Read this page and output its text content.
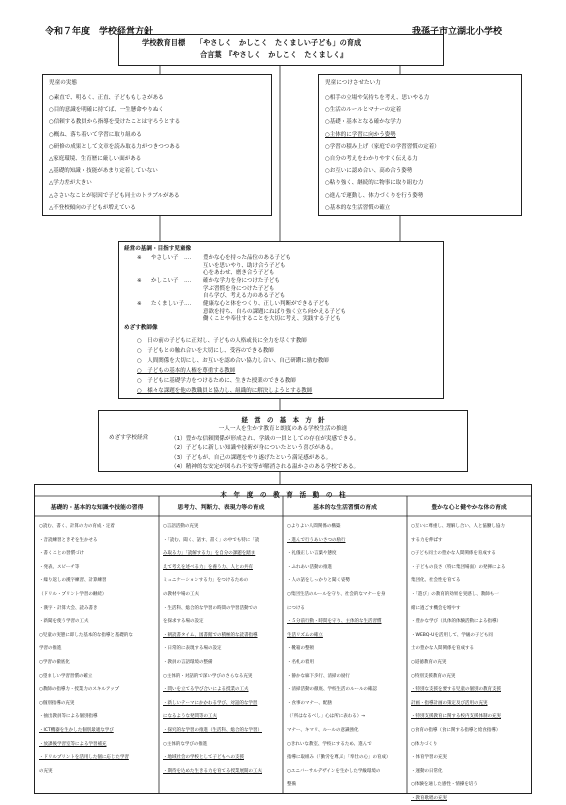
令和７年度　学校経営方針	我孫子市立湖北小学校
学校教育目標　　「やさしく　かしこく　たくましい子ども」の育成
合言葉　『やさしく　かしこく　たくましく』
児童の実態
○素直で、明るく、正直、子どももしさがある
○目的意識を明確に持てば、一生懸命やりぬく
○信頼する教員から指導を受けたことは守ろうとする
○概ね、落ち着いて学習に取り組める
○研修の成果として文章を読み取る力がつきつつある
△家庭環境、生育歴に厳しい面がある
△基礎的知識・技能があまり定着していない
△学力差が大きい
△ささいなことが原因で子ども同士のトラブルがある
△不登校傾向の子どもが増えている
児童につけさせたい力
○相手の立場や気持ちを考え、思いやる力
○生活のルールとマナーの定着
○基礎・基本となる確かな学力
○主体的に学習に向かう姿勢
○学習の積み上げ（家庭での学習習慣の定着）
○自分の考えをわかりやすく伝える力
○お互いに認め合い、高め合う姿勢
○粘り強く、継続的に物事に取り組む力
○進んで運動し、体力づくりを行う姿勢
○基本的な生活習慣の確立
経営の基調・目指す児童像
※ やさしい子　‥‥ 豊かな心を持った品位のある子ども
互いを思いやり、助け合う子ども
心をあわせ、磨き合う子ども
※ かしこい子　‥‥ 確かな学力を身につけた子ども
学ぶ習慣を身につけた子ども
自ら学び、考える力のある子ども
※ たくましい子‥‥ 健康な心と体をつくり、正しい判断ができる子ども
意欲を持ち、自らの課題にねばり強く立ち向かえる子ども
働くことや奉仕することを大切に考え、実践する子ども
めざす教師像
○　日の前の子どもに正対し、子どもの人格或長に全力を尽くす教師
○　子どもとの触れ合いを大切にし、受容のできる教師
○　人間関係を大切にし、お互いを認め合い協力し合い、自己研鑽に励む教師
○　子どもの基本的人権を尊重する教師
○　子どもに基礎学力をつけるために、生きた授業のできる教師
○　様々な課題を他の教職員と協力し、組織的に解決しようとする教師
経　営　の　基　本　方　針
一人一人を生かす教育と朗度のある学校生活の推進
めざす学校経営	（1）豊かな信頼関係が形成され、学級の一員としての存在が実感できる。
（2）子どもに新しい知識や技術が身についたという喜びがある。
（3）子どもが、自己の課題をやり遂げたという満足感がある。
（4）精神的な安定が図られ不安等が解消される温かさのある学校である。
本　年　度　の　教　育　活　動　の　柱
基礎的・基本的な知識や技能の習得
○読む、書く、計算の力の育成・定着
・音読練習ときそを生かせる
・書くことの習慣づけ
・発表、スピーチ等
・繰り返しの漢字練習、計算練習
（ドリル・プリント学習の継続）
・漢字・計算大会、読み書き
・新聞を使う学習の工夫
○児童の実態に即した基本的な指導と基礎的な
学習の推進
○学習の徹底化
○望ましい学習習慣の確立
○教師の指導力・授業力のスキルアップ
○個別指導の充実
・抽出教員等による個別指導
・ICT機器を生かした個別最適な学び
・放課後学習室等による学習補充
・ドリルプリントを活用した個に応じた学習
の充実
思考力、判断力、表現力等の育成
○言語活動の充実
・「読む、聞く、話す、書く」の中でも特に「読
み取る力」「読解する力」を自分の課題を踏ま
えて考えを述べる力」を養う力、人との共有
ミュニケーションする力」をつけるための
の教材や場の工夫
・生活科、総合的な学習の時間の学習活動での
を探求する場の設定
・朝読書タイム、図書館での積極的な読書指導
・日常的に表現する場の設定
・教員の言語環境の整備
○主体的・対話的で深い学びのさらなる充実
・問いを立てる学び合いによる授業の工夫
・新しいテーマにかかわる学び、対話的な学習
になるような発問等の工夫
・探究的な学習の推進（生活科、総合的な学習）
○主体的な学びの推進
・地域社会の学校として子どもへの支援
・期待を込めた生きる力を育てる授業展開の工夫
基本的な生活習慣の育成
○よりよい人間関係の構築
・進んで行うあいさつの励行
・礼儀正しい言葉や態度
・ふれあい活動の推進
・人の話をしっかりと聞く姿勢
○集団生活のルールを守り、社会的なマナーを身
につける
・５分前行動・時間を守り、主体的な生活習慣
生活リズムの確立
・靴箱の整頓
・名札の着用
・静かな廊下歩行、清掃の励行
・清掃活動の徹底、学校生活のルールの確認
・食事のマナー、配膳
（「所はなるべし」心は所に表わる）→
マナー、キマリ、ルールの意識強化
○きれいな教室、学校にするため、進んで
指導に取組み（「勤労を尊ぶ」「奉仕の心」の育成）
○ユニバーサルデザインを生かした学級環境の
整備
豊かな心と健やかな体の育成
○互いに尊重し、理解し合い、人と協働し協力
する力を伸ばす
○子ども同士の豊かな人間関係を育成する
・子どもの良さ（特に集団場面）の発揮による
集団化、社会性を育てる
・「遊び」の教育的効果を実感し、教師も一
緒に過ごす機会を増やす
・豊かな学び（具体的体験活動による指導）
・WEBQ-Uを活用して、学級の子ども同
士の豊かな人間関係を育成する
○道徳教育の充実
○特別支援教育の充実
・特別な支援を要する児童の個別の教育支援
計画・指導計画の策定及び活用の充実
・特別支援教育に関する校内支援体制の充実
○食育の指導（食に関する指導と給食指導）
○体力づくり
・体育学習の充実
・運動の日常化
○体験を通した感性・情操を培う
・教育歌唱の充実
